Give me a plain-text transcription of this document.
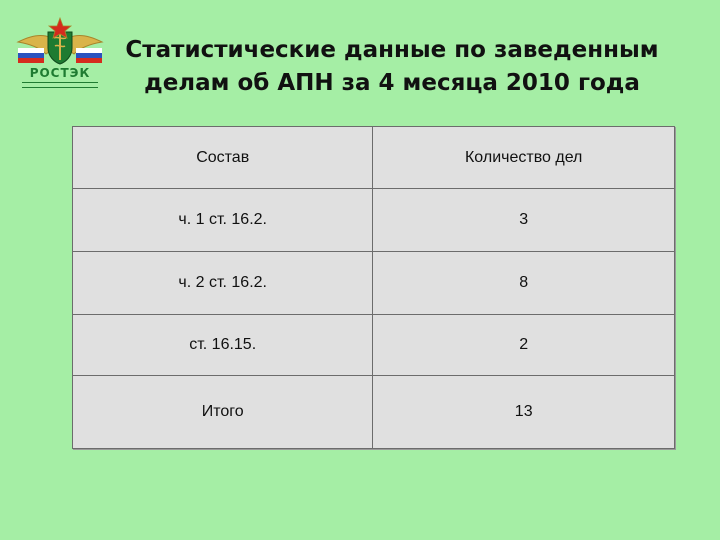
РОСТЭК
Статистические данные по заведенным
делам об АПН за 4 месяца 2010 года
Состав	Количество дел
ч. 1 ст. 16.2.	3
ч. 2 ст. 16.2.	8
ст. 16.15.	2
Итого	13
